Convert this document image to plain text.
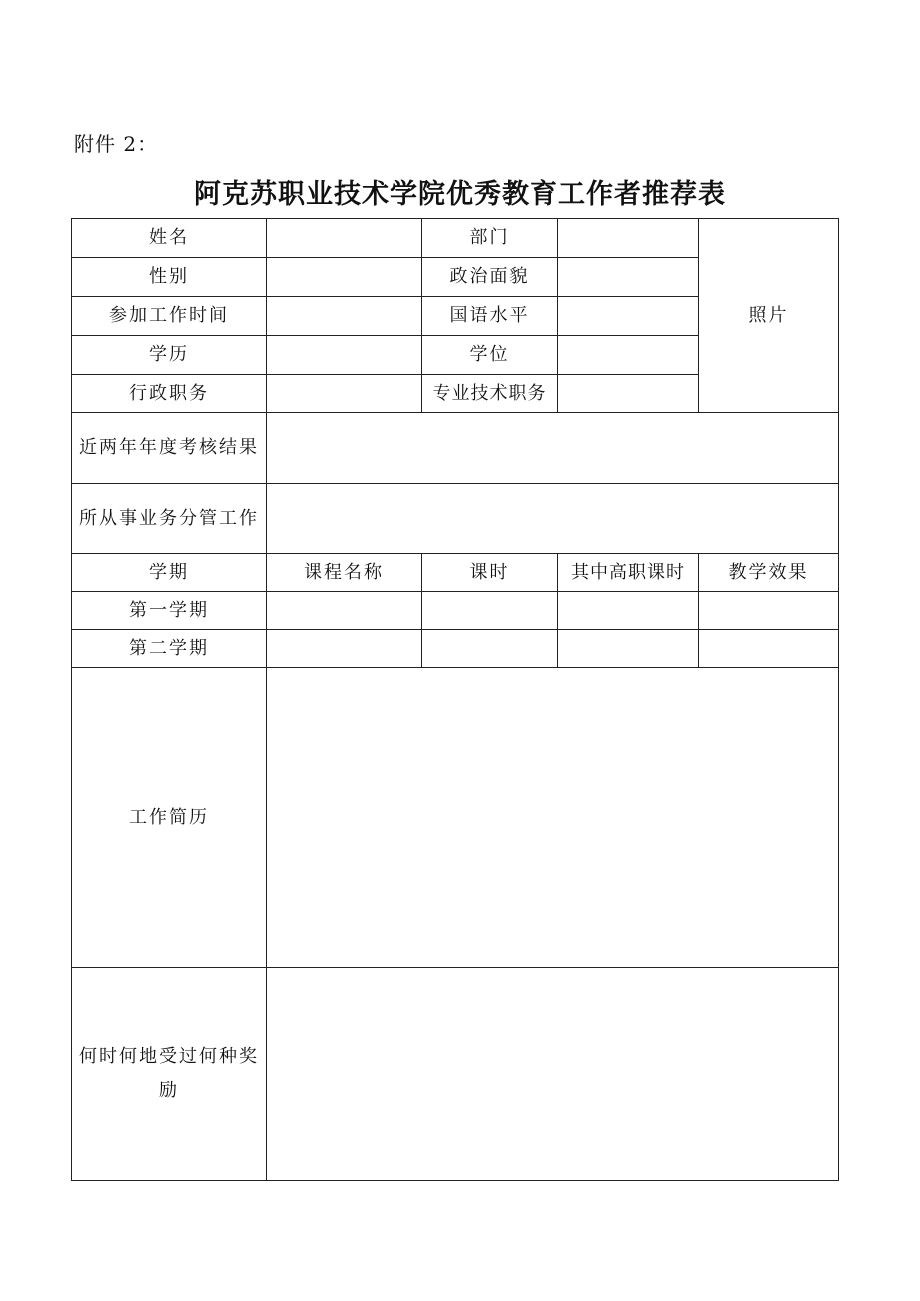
附件 2：
阿克苏职业技术学院优秀教育工作者推荐表
姓名		部门		照片
性别		政治面貌		
参加工作时间		国语水平		
学历		学位		
行政职务		专业技术职务		
近两年年度考核结果				
所从事业务分管工作				
学期	课程名称	课时	其中高职课时	教学效果
第一学期				
第二学期				
工作简历				
何时何地受过何种奖励				
